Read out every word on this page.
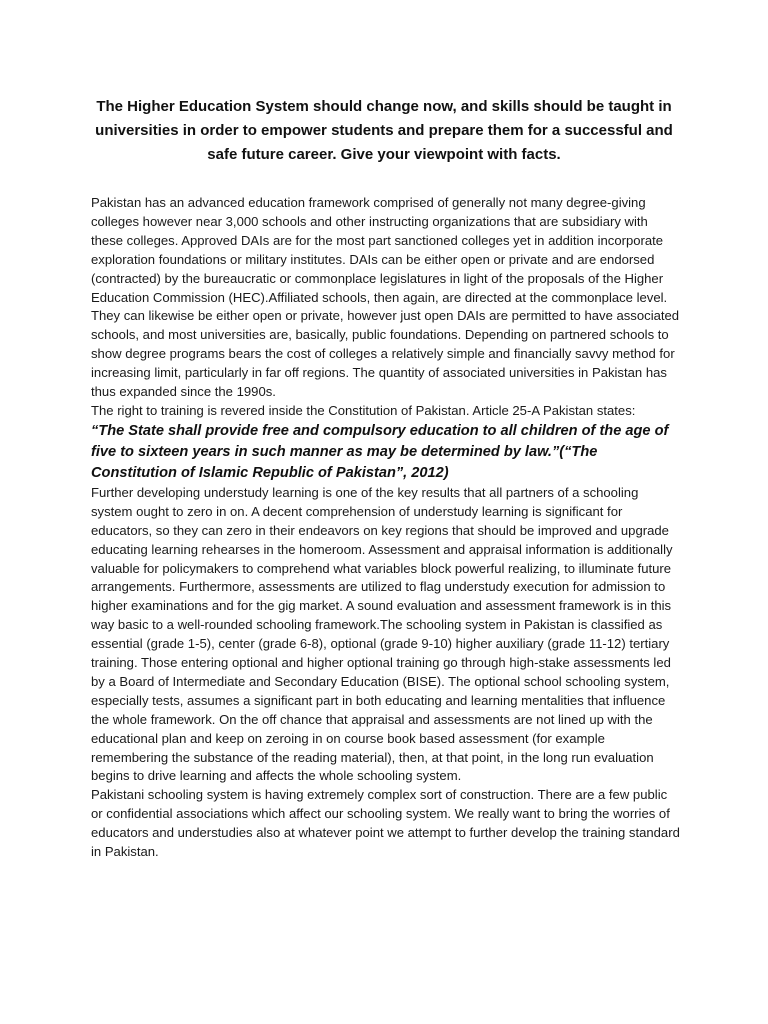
The Higher Education System should change now, and skills should be taught in universities in order to empower students and prepare them for a successful and safe future career. Give your viewpoint with facts.

Pakistan has an advanced education framework comprised of generally not many degree-giving colleges however near 3,000 schools and other instructing organizations that are subsidiary with these colleges. Approved DAIs are for the most part sanctioned colleges yet in addition incorporate exploration foundations or military institutes. DAIs can be either open or private and are endorsed (contracted) by the bureaucratic or commonplace legislatures in light of the proposals of the Higher Education Commission (HEC).Affiliated schools, then again, are directed at the commonplace level. They can likewise be either open or private, however just open DAIs are permitted to have associated schools, and most universities are, basically, public foundations. Depending on partnered schools to show degree programs bears the cost of colleges a relatively simple and financially savvy method for increasing limit, particularly in far off regions. The quantity of associated universities in Pakistan has thus expanded since the 1990s.

The right to training is revered inside the Constitution of Pakistan. Article 25-A Pakistan states:

“The State shall provide free and compulsory education to all children of the age of five to sixteen years in such manner as may be determined by law.”(“The Constitution of Islamic Republic of Pakistan”, 2012)

Further developing understudy learning is one of the key results that all partners of a schooling system ought to zero in on. A decent comprehension of understudy learning is significant for educators, so they can zero in their endeavors on key regions that should be improved and upgrade educating learning rehearses in the homeroom. Assessment and appraisal information is additionally valuable for policymakers to comprehend what variables block powerful realizing, to illuminate future arrangements. Furthermore, assessments are utilized to flag understudy execution for admission to higher examinations and for the gig market. A sound evaluation and assessment framework is in this way basic to a well-rounded schooling framework.The schooling system in Pakistan is classified as essential (grade 1-5), center (grade 6-8), optional (grade 9-10) higher auxiliary (grade 11-12) tertiary training. Those entering optional and higher optional training go through high-stake assessments led by a Board of Intermediate and Secondary Education (BISE). The optional school schooling system, especially tests, assumes a significant part in both educating and learning mentalities that influence the whole framework. On the off chance that appraisal and assessments are not lined up with the educational plan and keep on zeroing in on course book based assessment (for example remembering the substance of the reading material), then, at that point, in the long run evaluation begins to drive learning and affects the whole schooling system.

Pakistani schooling system is having extremely complex sort of construction. There are a few public or confidential associations which affect our schooling system. We really want to bring the worries of educators and understudies also at whatever point we attempt to further develop the training standard in Pakistan.
